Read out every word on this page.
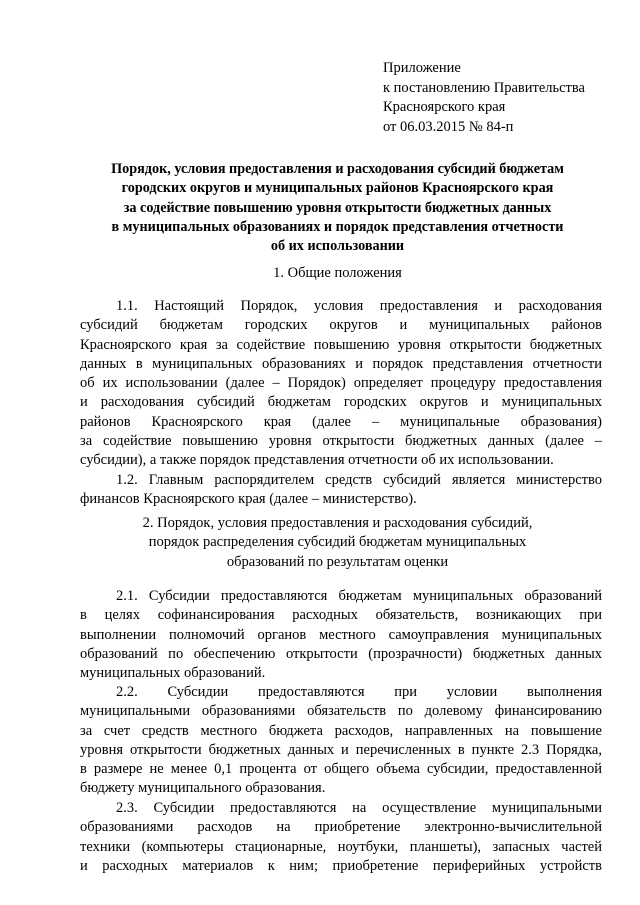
Приложение
к постановлению Правительства
Красноярского края
от 06.03.2015 № 84-п
Порядок, условия предоставления и расходования субсидий бюджетам
городских округов и муниципальных районов Красноярского края
за содействие повышению уровня открытости бюджетных данных
в муниципальных образованиях и порядок представления отчетности
об их использовании
1. Общие положения
1.1. Настоящий Порядок, условия предоставления и расходования
субсидий бюджетам городских округов и муниципальных районов
Красноярского края за содействие повышению уровня открытости бюджетных
данных в муниципальных образованиях и порядок представления отчетности
об их использовании (далее – Порядок) определяет процедуру предоставления
и расходования субсидий бюджетам городских округов и муниципальных
районов Красноярского края (далее – муниципальные образования)
за содействие повышению уровня открытости бюджетных данных (далее –
субсидии), а также порядок представления отчетности об их использовании.
1.2. Главным распорядителем средств субсидий является министерство
финансов Красноярского края (далее – министерство).
2. Порядок, условия предоставления и расходования субсидий,
порядок распределения субсидий бюджетам муниципальных
образований по результатам оценки
2.1. Субсидии предоставляются бюджетам муниципальных образований
в целях софинансирования расходных обязательств, возникающих при
выполнении полномочий органов местного самоуправления муниципальных
образований по обеспечению открытости (прозрачности) бюджетных данных
муниципальных образований.
2.2. Субсидии предоставляются при условии выполнения
муниципальными образованиями обязательств по долевому финансированию
за счет средств местного бюджета расходов, направленных на повышение
уровня открытости бюджетных данных и перечисленных в пункте 2.3 Порядка,
в размере не менее 0,1 процента от общего объема субсидии, предоставленной
бюджету муниципального образования.
2.3. Субсидии предоставляются на осуществление муниципальными
образованиями расходов на приобретение электронно-вычислительной
техники (компьютеры стационарные, ноутбуки, планшеты), запасных частей
и расходных материалов к ним; приобретение периферийных устройств
